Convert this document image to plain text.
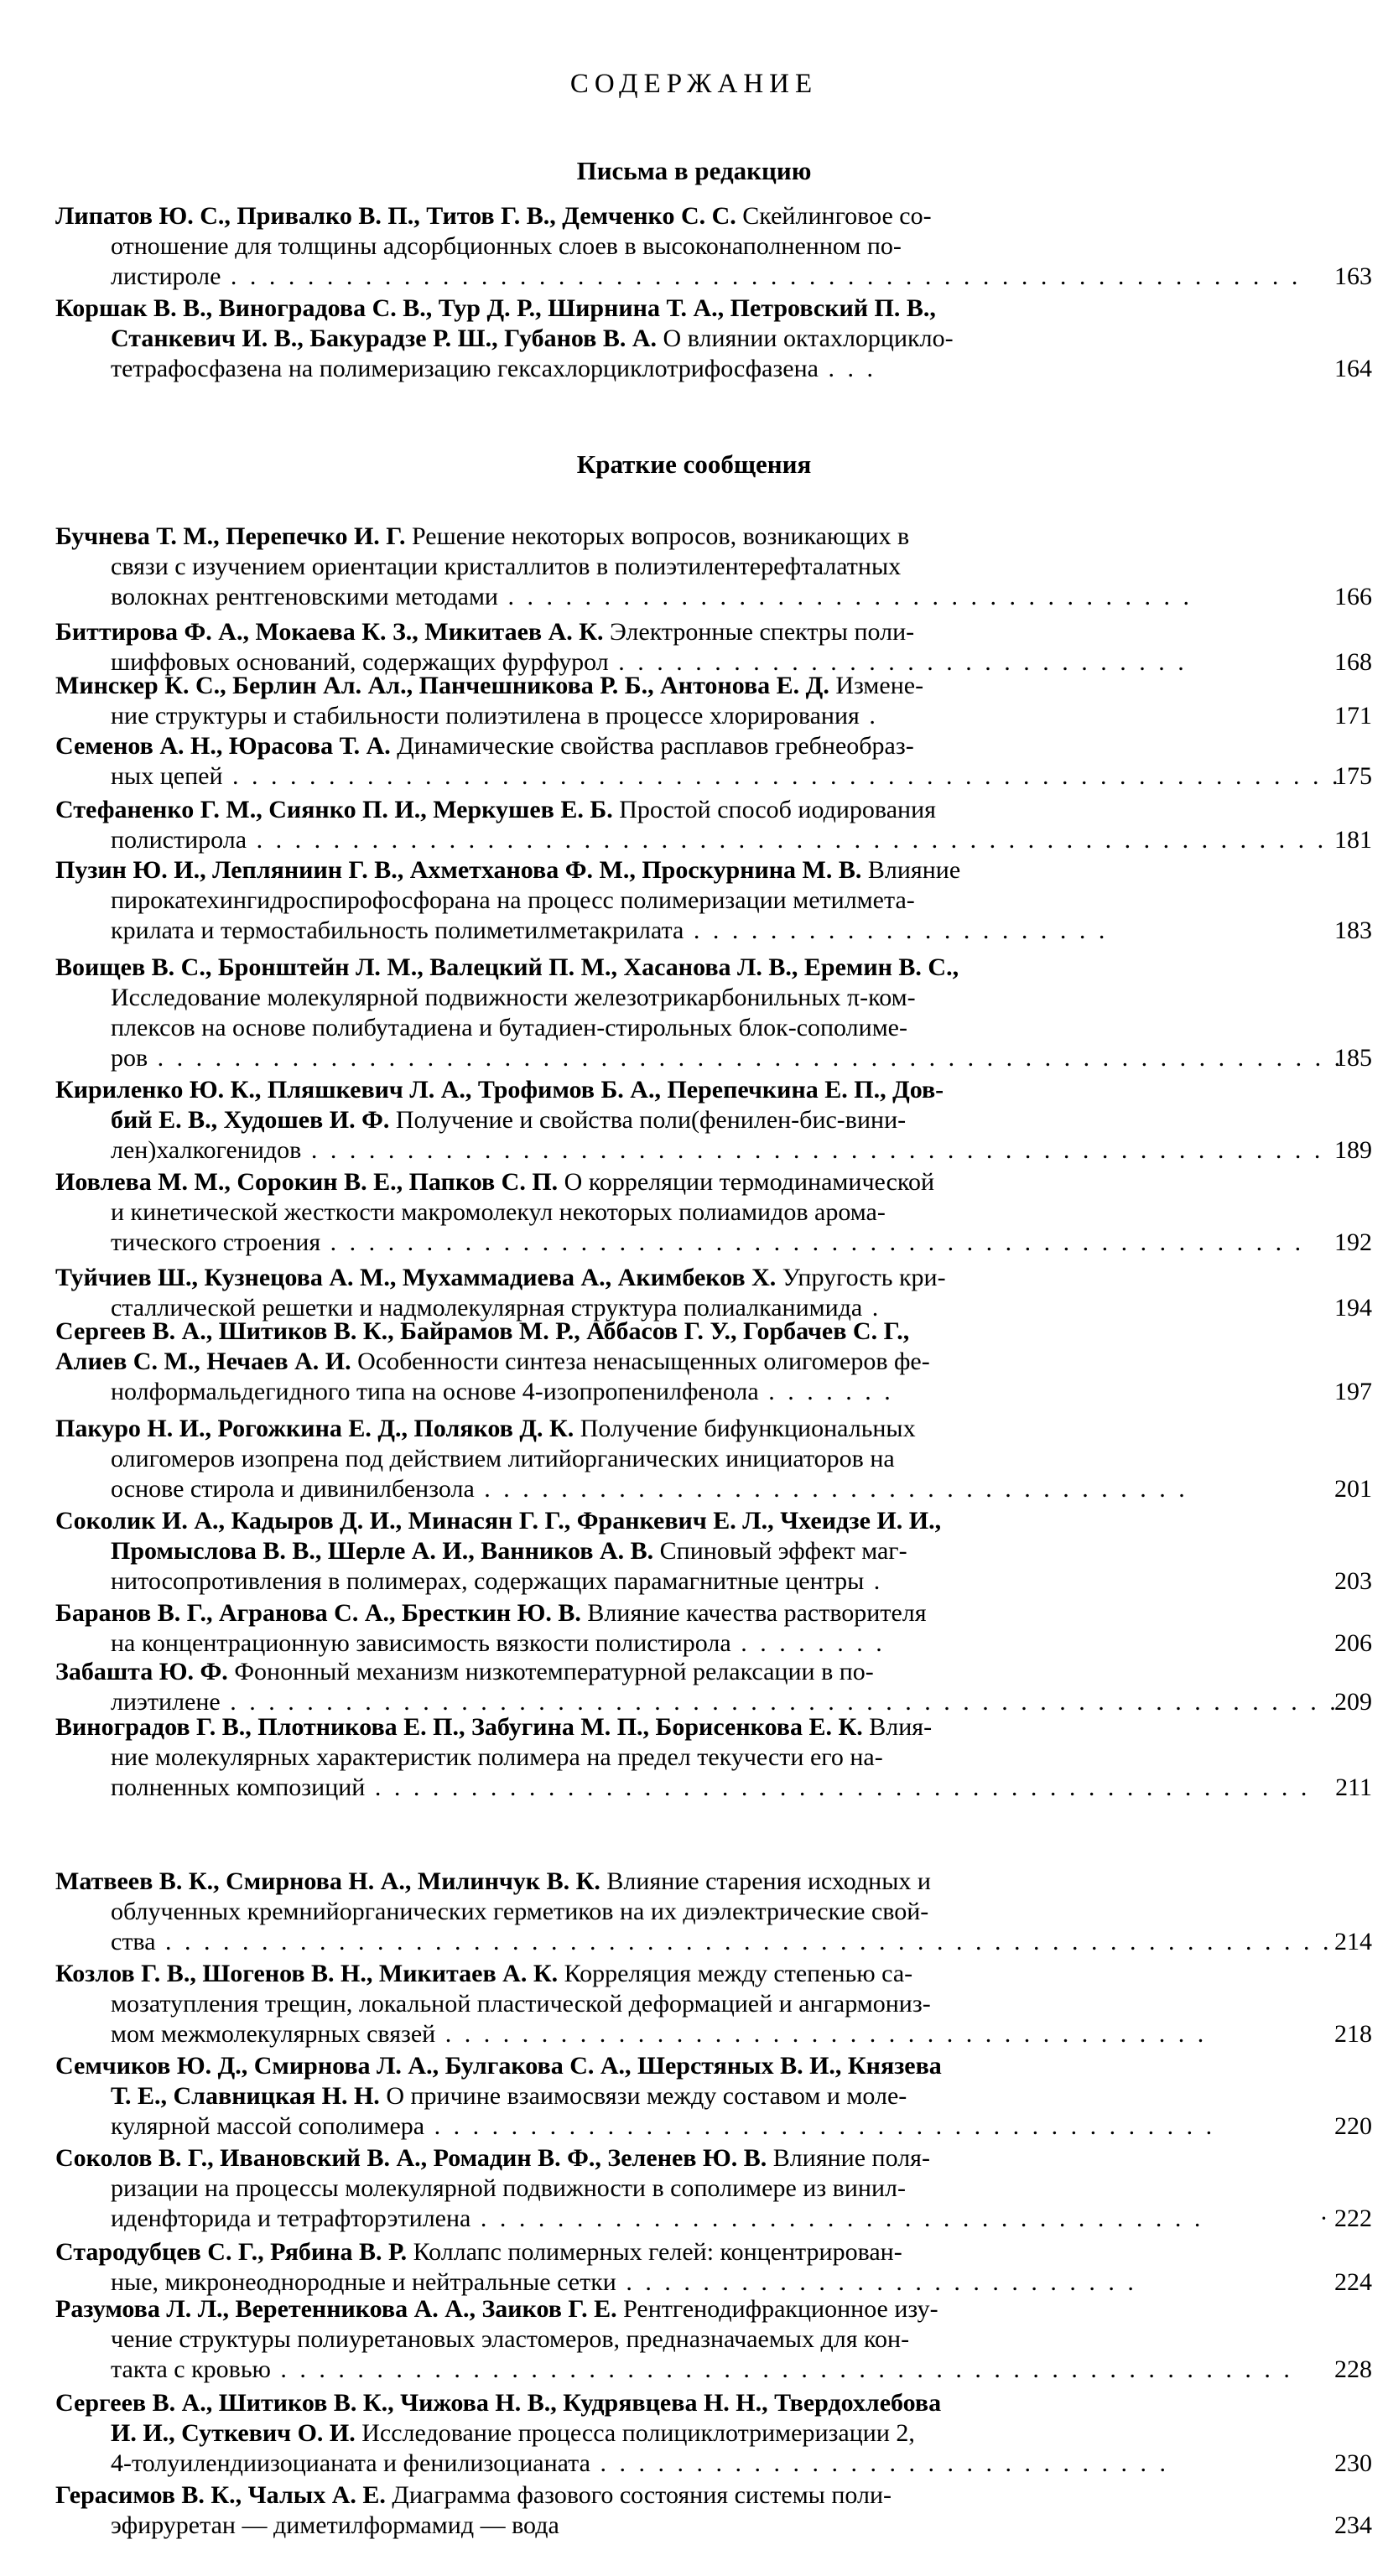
СОДЕРЖАНИЕ
Письма в редакцию
Липатов Ю. С., Привалко В. П., Титов Г. В., Демченко С. С. Скейлинговое со-
отношение для толщины адсорбционных слоев в высоконаполненном по-
листироле . . . . . . . . . . . . . . . . . . . . . . . . . . . . . . . . . . . . . . . . . . . . . . . . . . . . . . . .	163
Коршак В. В., Виноградова С. В., Тур Д. Р., Ширнина Т. А., Петровский П. В.,
Станкевич И. В., Бакурадзе Р. Ш., Губанов В. А. О влиянии октахлорцикло-
тетрафосфазена на полимеризацию гексахлорциклотрифосфазена . . .	164
Краткие сообщения
Бучнева Т. М., Перепечко И. Г. Решение некоторых вопросов, возникающих в
связи с изучением ориентации кристаллитов в полиэтилентерефталатных
волокнах рентгеновскими методами . . . . . . . . . . . . . . . . . . . . . . . . . . . . . . . . . . . .	166
Биттирова Ф. А., Мокаева К. З., Микитаев А. К. Электронные спектры поли-
шиффовых оснований, содержащих фурфурол . . . . . . . . . . . . . . . . . . . . . . . . . . . . . .	168
Минскер К. С., Берлин Ал. Ал., Панчешникова Р. Б., Антонова Е. Д. Измене-
ние структуры и стабильности полиэтилена в процессе хлорирования .	171
Семенов А. Н., Юрасова Т. А. Динамические свойства расплавов гребнеобраз-
ных цепей . . . . . . . . . . . . . . . . . . . . . . . . . . . . . . . . . . . . . . . . . . . . . . . . . . . . . . . . . .
175
Стефаненко Г. М., Сиянко П. И., Меркушев Е. Б. Простой способ иодирования
полистирола . . . . . . . . . . . . . . . . . . . . . . . . . . . . . . . . . . . . . . . . . . . . . . . . . . . . . . . . 181
Пузин Ю. И., Лепляниин Г. В., Ахметханова Ф. М., Проскурнина М. В. Влияние
пирокатехингидроспирофосфорана на процесс полимеризации метилмета-
крилата и термостабильность полиметилметакрилата . . . . . . . . . . . . . . . . . . . . . .	183
Воищев В. С., Бронштейн Л. М., Валецкий П. М., Хасанова Л. В., Еремин В. С.,
Исследование молекулярной подвижности железотрикарбонильных π-ком-
плексов на основе полибутадиена и бутадиен-стирольных блок-сополиме-
ров . . . . . . . . . . . . . . . . . . . . . . . . . . . . . . . . . . . . . . . . . . . . . . . . . . . . . . . . . . . . . .
185
Кириленко Ю. К., Пляшкевич Л. А., Трофимов Б. А., Перепечкина Е. П., Дов-
бий Е. В., Худошев И. Ф. Получение и свойства поли(фенилен-бис-вини-
лен)халкогенидов . . . . . . . . . . . . . . . . . . . . . . . . . . . . . . . . . . . . . . . . . . . . . . . . . . . . . 189
Иовлева М. М., Сорокин В. Е., Папков С. П. О корреляции термодинамической
и кинетической жесткости макромолекул некоторых полиамидов арома-
тического строения . . . . . . . . . . . . . . . . . . . . . . . . . . . . . . . . . . . . . . . . . . . . . . . . . . .	192
Туйчиев Ш., Кузнецова А. М., Мухаммадиева А., Акимбеков Х. Упругость кри-
сталлической решетки и надмолекулярная структура полиалканимида .	194
Сергеев В. А., Шитиков В. К., Байрамов М. Р., Аббасов Г. У., Горбачев С. Г.,
Алиев С. М., Нечаев А. И. Особенности синтеза ненасыщенных олигомеров фе-
нолформальдегидного типа на основе 4-изопропенилфенола . . . . . . .	197
Пакуро Н. И., Рогожкина Е. Д., Поляков Д. К. Получение бифункциональных
олигомеров изопрена под действием литийорганических инициаторов на
основе стирола и дивинилбензола . . . . . . . . . . . . . . . . . . . . . . . . . . . . . . . . . . . . .	201
Соколик И. А., Кадыров Д. И., Минасян Г. Г., Франкевич Е. Л., Чхеидзе И. И.,
Промыслова В. В., Шерле А. И., Ванников А. В. Спиновый эффект маг-
нитосопротивления в полимерах, содержащих парамагнитные центры .	203
Баранов В. Г., Агранова С. А., Бресткин Ю. В. Влияние качества растворителя
на концентрационную зависимость вязкости полистирола . . . . . . . .	206
Забашта Ю. Ф. Фононный механизм низкотемпературной релаксации в по-
лиэтилене . . . . . . . . . . . . . . . . . . . . . . . . . . . . . . . . . . . . . . . . . . . . . . . . . . . . . . . . . .
209
Виноградов Г. В., Плотникова Е. П., Забугина М. П., Борисенкова Е. К. Влия-
ние молекулярных характеристик полимера на предел текучести его на-
полненных композиций . . . . . . . . . . . . . . . . . . . . . . . . . . . . . . . . . . . . . . . . . . . . . . . . . 211
Матвеев В. К., Смирнова Н. А., Милинчук В. К. Влияние старения исходных и
облученных кремнийорганических герметиков на их диэлектрические свой-
ства . . . . . . . . . . . . . . . . . . . . . . . . . . . . . . . . . . . . . . . . . . . . . . . . . . . . . . . . . . . . . 214
Козлов Г. В., Шогенов В. Н., Микитаев А. К. Корреляция между степенью са-
мозатупления трещин, локальной пластической деформацией и ангармониз-
мом межмолекулярных связей . . . . . . . . . . . . . . . . . . . . . . . . . . . . . . . . . . . . . . . .	218
Семчиков Ю. Д., Смирнова Л. А., Булгакова С. А., Шерстяных В. И., Князева
Т. Е., Славницкая Н. Н. О причине взаимосвязи между составом и моле-
кулярной массой сополимера . . . . . . . . . . . . . . . . . . . . . . . . . . . . . . . . . . . . . . . . .	220
Соколов В. Г., Ивановский В. А., Ромадин В. Ф., Зеленев Ю. В. Влияние поля-
ризации на процессы молекулярной подвижности в сополимере из винил-
иденфторида и тетрафторэтилена . . . . . . . . . . . . . . . . . . . . . . . . . . . . . . . . . . . . . .	· 222
Стародубцев С. Г., Рябина В. Р. Коллапс полимерных гелей: концентрирован-
ные, микронеоднородные и нейтральные сетки . . . . . . . . . . . . . . . . . . . . . . . . . . .	224
Разумова Л. Л., Веретенникова А. А., Заиков Г. Е. Рентгенодифракционное изу-
чение структуры полиуретановых эластомеров, предназначаемых для кон-
такта с кровью . . . . . . . . . . . . . . . . . . . . . . . . . . . . . . . . . . . . . . . . . . . . . . . . . . . . .	228
Сергеев В. А., Шитиков В. К., Чижова Н. В., Кудрявцева Н. Н., Твердохлебова
И. И., Суткевич О. И. Исследование процесса полициклотримеризации 2,
4-толуилендиизоцианата и фенилизоцианата . . . . . . . . . . . . . . . . . . . . . . . . . . . . . .	230
Герасимов В. К., Чалых А. Е. Диаграмма фазового состояния системы поли-
эфируретан — диметилформамид — вода	234
